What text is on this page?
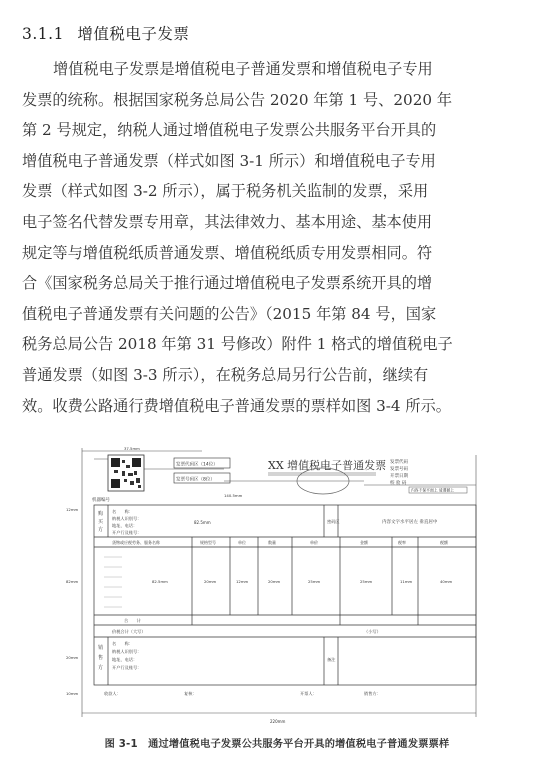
3.1.1 增值税电子发票
增值税电子发票是增值税电子普通发票和增值税电子专用
发票的统称。根据国家税务总局公告 2020 年第 1 号、2020 年
第 2 号规定，纳税人通过增值税电子发票公共服务平台开具的
增值税电子普通发票（样式如图 3-1 所示）和增值税电子专用
发票（样式如图 3-2 所示），属于税务机关监制的发票，采用
电子签名代替发票专用章，其法律效力、基本用途、基本使用
规定等与增值税纸质普通发票、增值税纸质专用发票相同。符
合《国家税务总局关于推行通过增值税电子发票系统开具的增
值税电子普通发票有关问题的公告》（2015 年第 84 号，国家
税务总局公告 2018 年第 31 号修改）附件 1 格式的增值税电子
普通发票（如图 3-3 所示），在税务总局另行公告前，继续有
效。收费公路通行费增值税电子普通发票的票样如图 3-4 所示。
发票代码区（14位）
发票号码区（8位）
XX 增值税电子普通发票 发票代码
发票号码
开票日期
校 验 码
内容不保平面上 请遵循上
机器编号
购
买
方
名　　称：
纳税人识别号：
地址、电话：
开户行及账号：
密码区	内容文字水平居左 垂直居中
82.5mm
货物或应税劳务、服务名称	规格型号	单位	数量	单价	金额	税率	税额
82.5mm	20mm	12mm	20mm	25mm	25mm	11mm	40mm
合　　计
价税合计（大写）	（小写）
销
售
方
名　　称：
纳税人识别号：
地址、电话：
开户行及账号：
备注
收款人：	复核：	开票人：	销售方：
12mm
82mm
20mm
10mm
37.5mm
140.5mm
220mm
图 3-1　通过增值税电子发票公共服务平台开具的增值税电子普通发票票样
